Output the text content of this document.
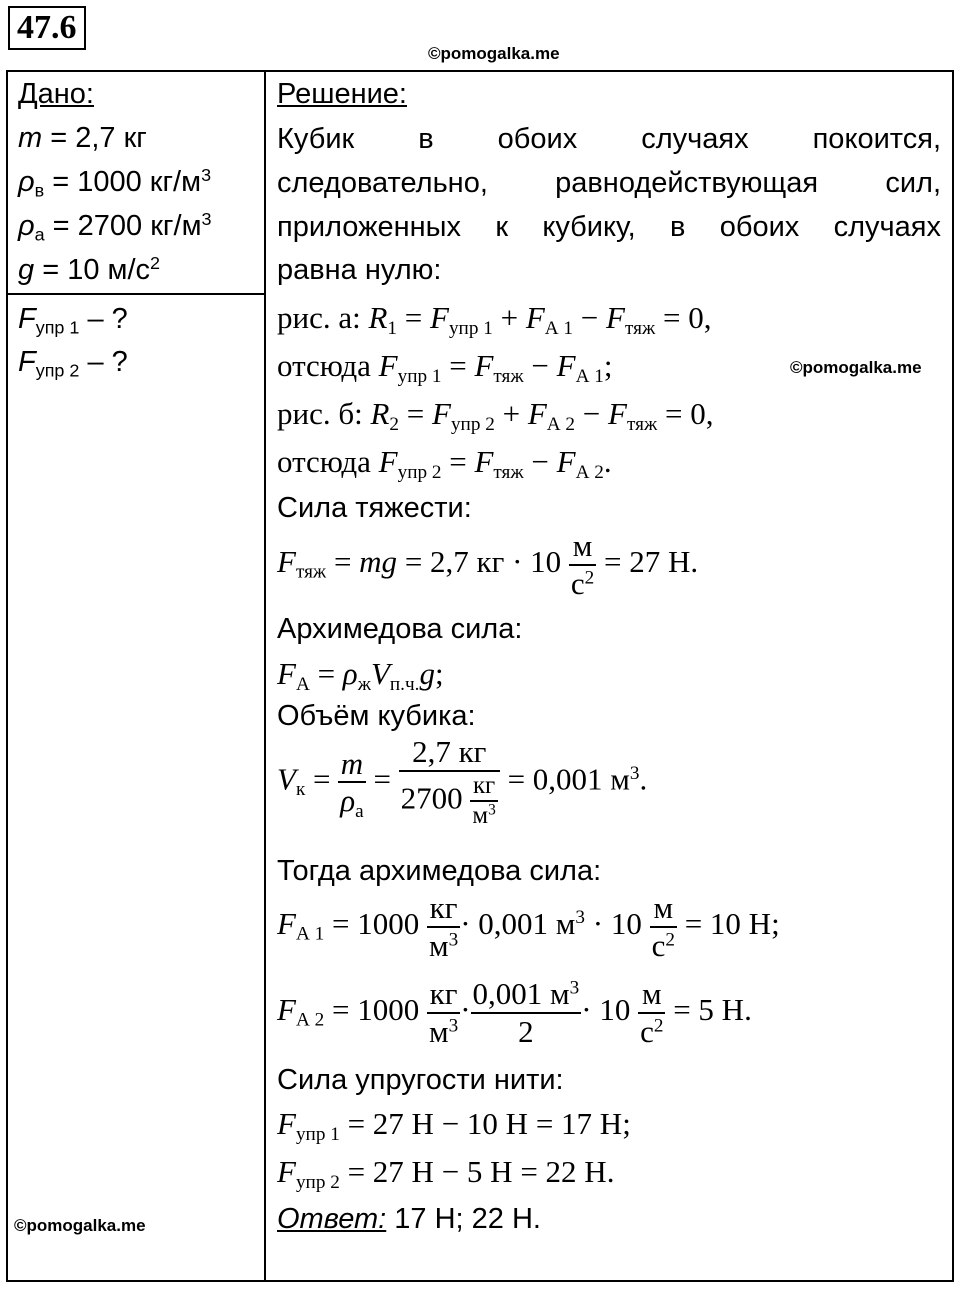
47.6
©pomogalka.me
©pomogalka.me
©pomogalka.me
Дано:
m = 2,7 кг
$\rho_в = 1000$ $кг/м^3$
$\rho_а = 2700$ $кг/м^3$
g = 10 $м/с^2$
$F_{упр 1}$ – ?
$F_{упр 2}$ – ?
Решение:
Кубик в обоих случаях покоится,
следовательно, равнодействующая сил,
приложенных к кубику, в обоих случаях
равна нулю:
рис. а: $R_1 = F_{упр 1} + F_{А 1} - F_{тяж} = 0$,
отсюда $F_{упр 1} = F_{тяж} - F_{А 1}$;
рис. б: $R_2 = F_{упр 2} + F_{А 2} - F_{тяж} = 0$,
отсюда $F_{упр 2} = F_{тяж} - F_{А 2}$.
Сила тяжести:
$F_{тяж}$ = mg = 2,7 кг · $10 \frac{м}{с^2} = 27$ Н.
Архимедова сила:
$F_А = \rho_жV_{п.ч.}g$;
Объём кубика:
$V_к = \frac{m}{\rho_а} = \frac{2,7 кг}{2700 \frac{кг}{м^3}} = 0,001$ $м^3$.
Тогда архимедова сила:
$F_{А 1} = 1000 \frac{кг}{м^3} \cdot 0,001$ $м^3 \cdot 10 \frac{м}{с^2} = 10$ Н;
$F_{А 2} = 1000 \frac{кг}{м^3} \cdot \frac{0,001 м^3}{2} \cdot 10 \frac{м}{с^2} = 5$ Н.
Сила упругости нити:
$F_{упр 1} = 27$ Н − 10 Н = 17 Н;
$F_{упр 2} = 27$ Н − 5 Н = 22 Н.
Ответ: 17 Н; 22 Н.
